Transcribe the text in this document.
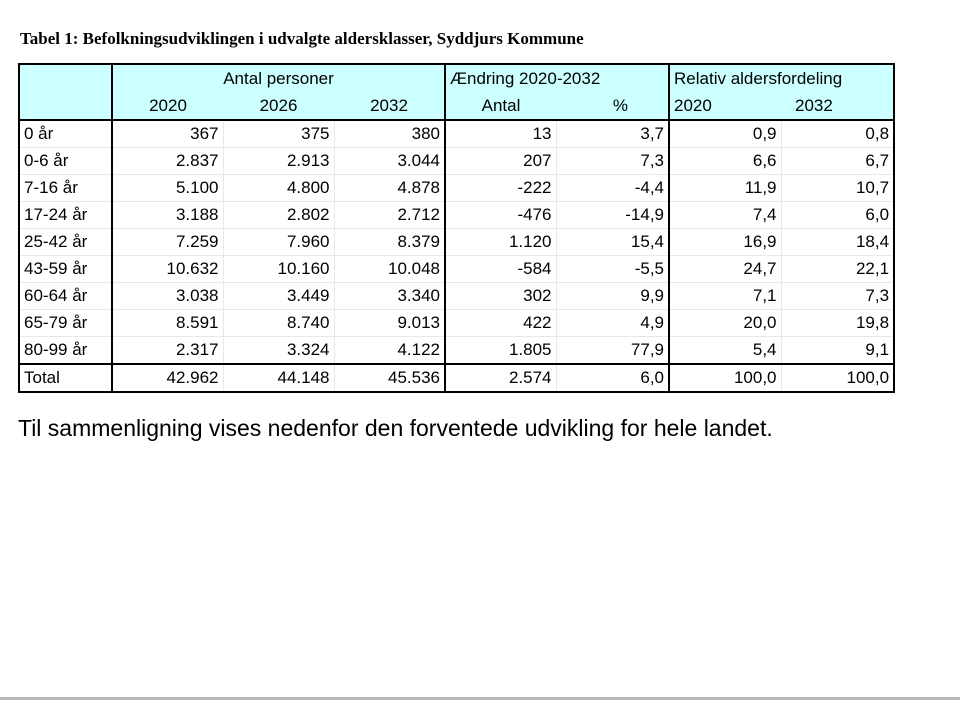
Tabel 1: Befolkningsudviklingen i udvalgte aldersklasser, Syddjurs Kommune
	Antal personer			Ændring 2020-2032		Relativ aldersfordeling	
	2020	2026	2032	Antal	%	2020	2032
0 år	367	375	380	13	3,7	0,9	0,8
0-6 år	2.837	2.913	3.044	207	7,3	6,6	6,7
7-16 år	5.100	4.800	4.878	-222	-4,4	11,9	10,7
17-24 år	3.188	2.802	2.712	-476	-14,9	7,4	6,0
25-42 år	7.259	7.960	8.379	1.120	15,4	16,9	18,4
43-59 år	10.632	10.160	10.048	-584	-5,5	24,7	22,1
60-64 år	3.038	3.449	3.340	302	9,9	7,1	7,3
65-79 år	8.591	8.740	9.013	422	4,9	20,0	19,8
80-99 år	2.317	3.324	4.122	1.805	77,9	5,4	9,1
Total	42.962	44.148	45.536	2.574	6,0	100,0	100,0
Til sammenligning vises nedenfor den forventede udvikling for hele landet.
